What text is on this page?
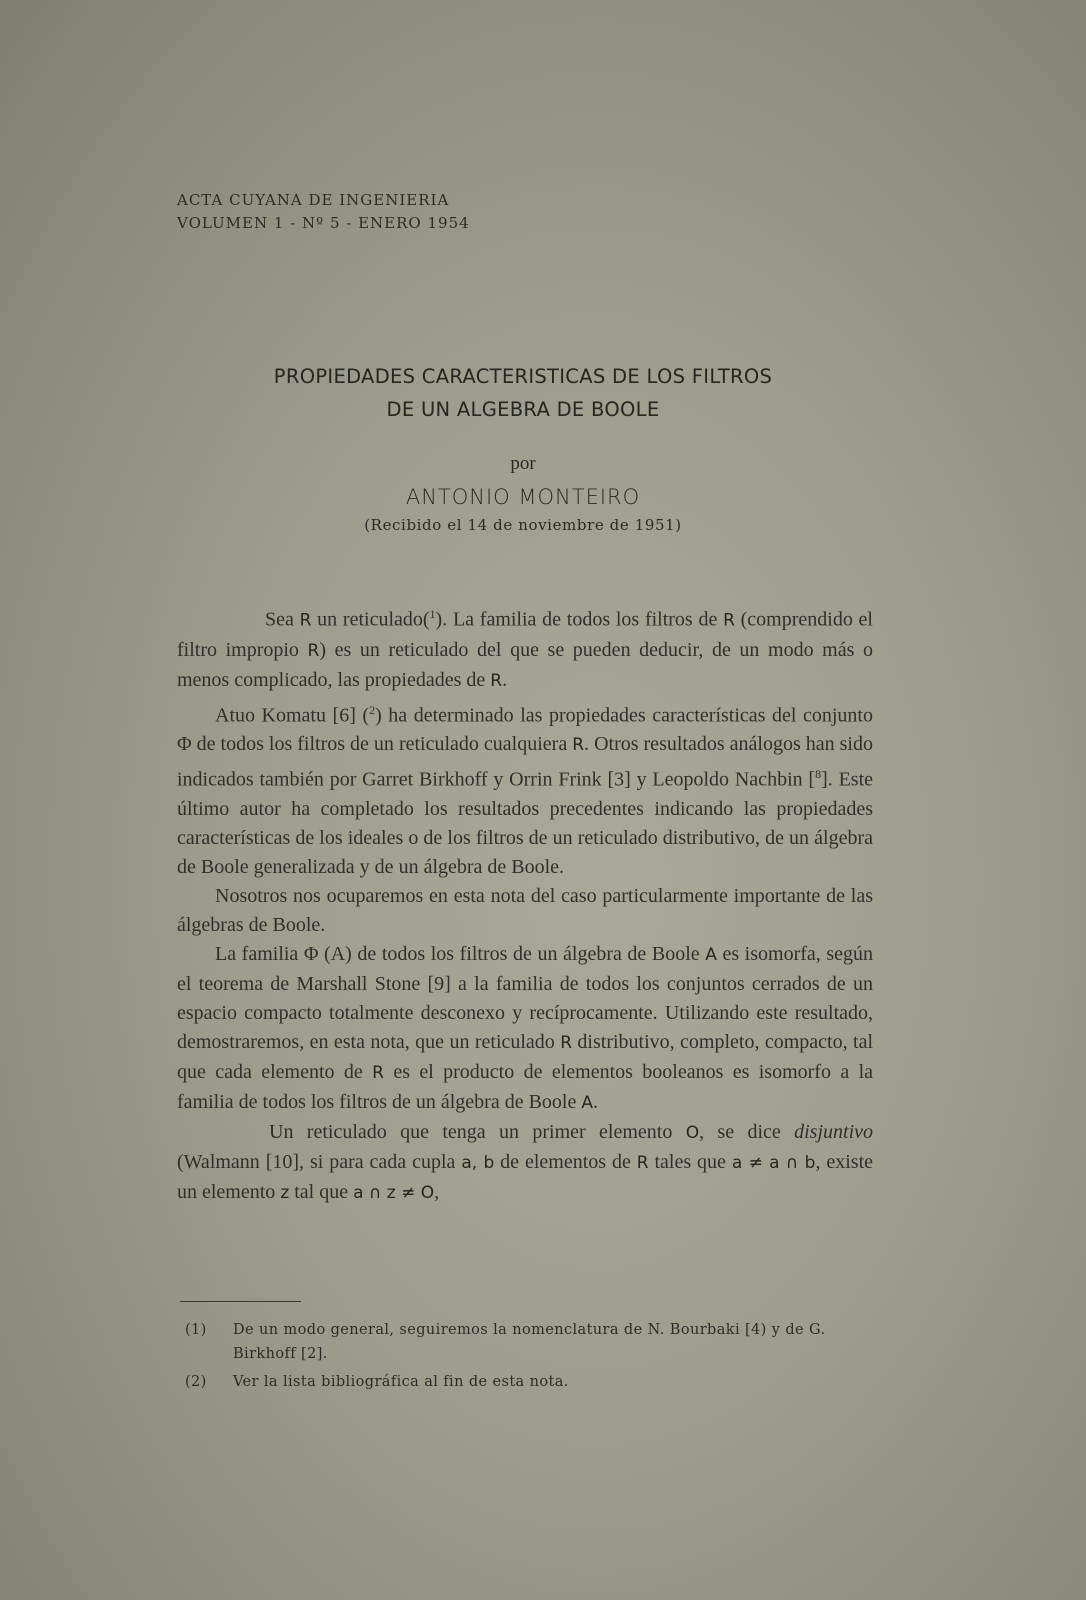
ACTA CUYANA DE INGENIERIA
VOLUMEN 1 - Nº 5 - ENERO 1954
PROPIEDADES CARACTERISTICAS DE LOS FILTROS
DE UN ALGEBRA DE BOOLE
por
ANTONIO MONTEIRO
(Recibido el 14 de noviembre de 1951)

Sea R un reticulado($^1$). La familia de todos los filtros de R (comprendido el filtro impropio R) es un reticulado del que se pueden deducir, de un modo más o menos complicado, las propiedades de R.

Atuo Komatu [6] ($^2$) ha determinado las propiedades características del conjunto Φ de todos los filtros de un reticulado cualquiera R. Otros resultados análogos han sido indicados también por Garret Birkhoff y Orrin Frink [3] y Leopoldo Nachbin [$^8$]. Este último autor ha completado los resultados precedentes indicando las propiedades características de los ideales o de los filtros de un reticulado distributivo, de un álgebra de Boole generalizada y de un álgebra de Boole.

Nosotros nos ocuparemos en esta nota del caso particularmente importante de las álgebras de Boole.

La familia Φ (A) de todos los filtros de un álgebra de Boole A es isomorfa, según el teorema de Marshall Stone [9] a la familia de todos los conjuntos cerrados de un espacio compacto totalmente desconexo y recíprocamente. Utilizando este resultado, demostraremos, en esta nota, que un reticulado R distributivo, completo, compacto, tal que cada elemento de R es el producto de elementos booleanos es isomorfo a la familia de todos los filtros de un álgebra de Boole A.

Un reticulado que tenga un primer elemento O, se dice disjuntivo (Walmann [10], si para cada cupla a, b de elementos de R tales que a ≠ a ∩ b, existe un elemento z tal que a ∩ z ≠ O,

(1)	De un modo general, seguiremos la nomenclatura de N. Bourbaki [4) y de G. Birkhoff [2].
(2)	Ver la lista bibliográfica al fin de esta nota.
